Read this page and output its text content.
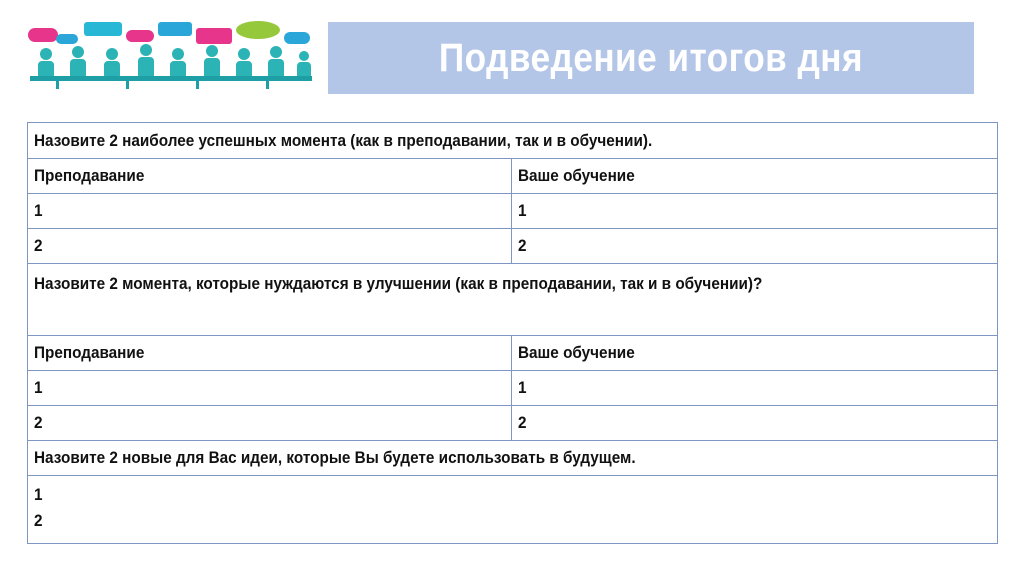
Подведение итогов дня
Назовите 2 наиболее успешных момента (как в преподавании, так и в обучении).	
Преподавание	Ваше обучение
1	1
2	2
Назовите 2 момента, которые нуждаются в улучшении (как в преподавании, так и в обучении)?	
Преподавание	Ваше обучение
1	1
2	2
Назовите 2 новые для Вас идеи, которые Вы будете использовать в будущем.	
1
2	
